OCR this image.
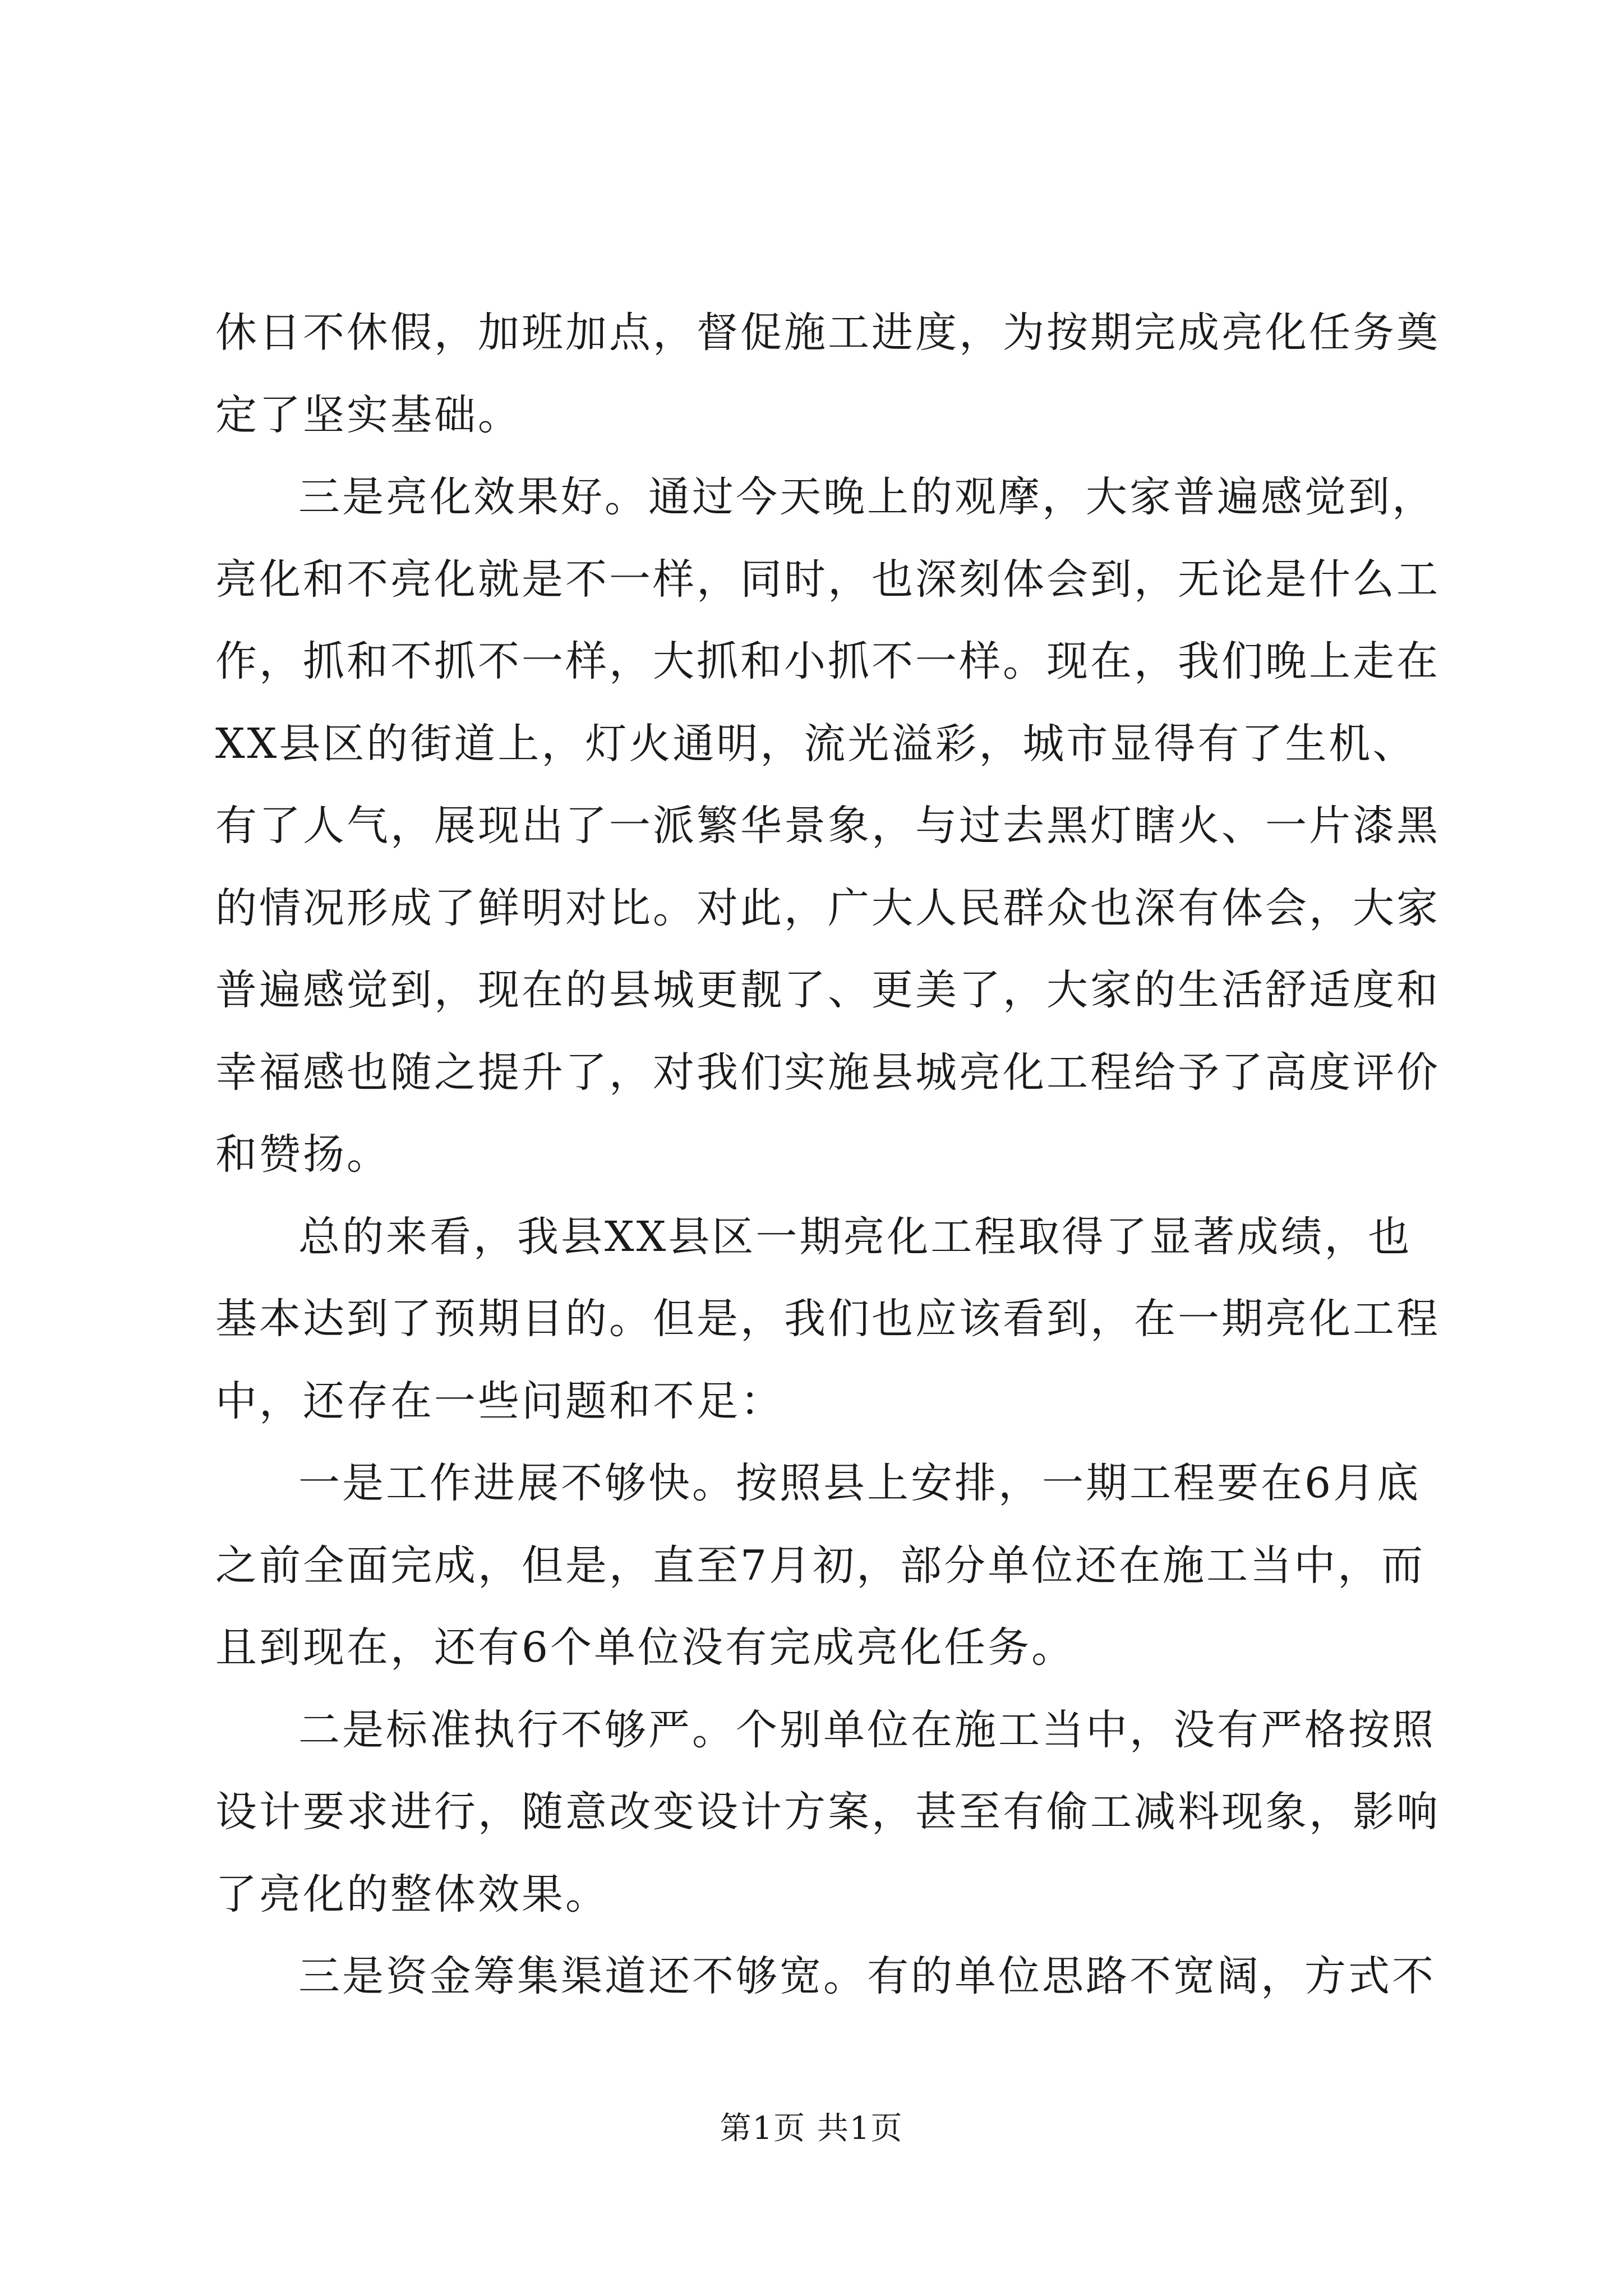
休日不休假，加班加点，督促施工进度，为按期完成亮化任务奠
定了坚实基础。
三是亮化效果好。通过今天晚上的观摩，大家普遍感觉到，
亮化和不亮化就是不一样，同时，也深刻体会到，无论是什么工
作，抓和不抓不一样，大抓和小抓不一样。现在，我们晚上走在
XX县区的街道上，灯火通明，流光溢彩，城市显得有了生机、
有了人气，展现出了一派繁华景象，与过去黑灯瞎火、一片漆黑
的情况形成了鲜明对比。对此，广大人民群众也深有体会，大家
普遍感觉到，现在的县城更靓了、更美了，大家的生活舒适度和
幸福感也随之提升了，对我们实施县城亮化工程给予了高度评价
和赞扬。
总的来看，我县XX县区一期亮化工程取得了显著成绩，也
基本达到了预期目的。但是，我们也应该看到，在一期亮化工程
中，还存在一些问题和不足：
一是工作进展不够快。按照县上安排，一期工程要在6月底
之前全面完成，但是，直至7月初，部分单位还在施工当中，而
且到现在，还有6个单位没有完成亮化任务。
二是标准执行不够严。个别单位在施工当中，没有严格按照
设计要求进行，随意改变设计方案，甚至有偷工减料现象，影响
了亮化的整体效果。
三是资金筹集渠道还不够宽。有的单位思路不宽阔，方式不
第1页 共1页
